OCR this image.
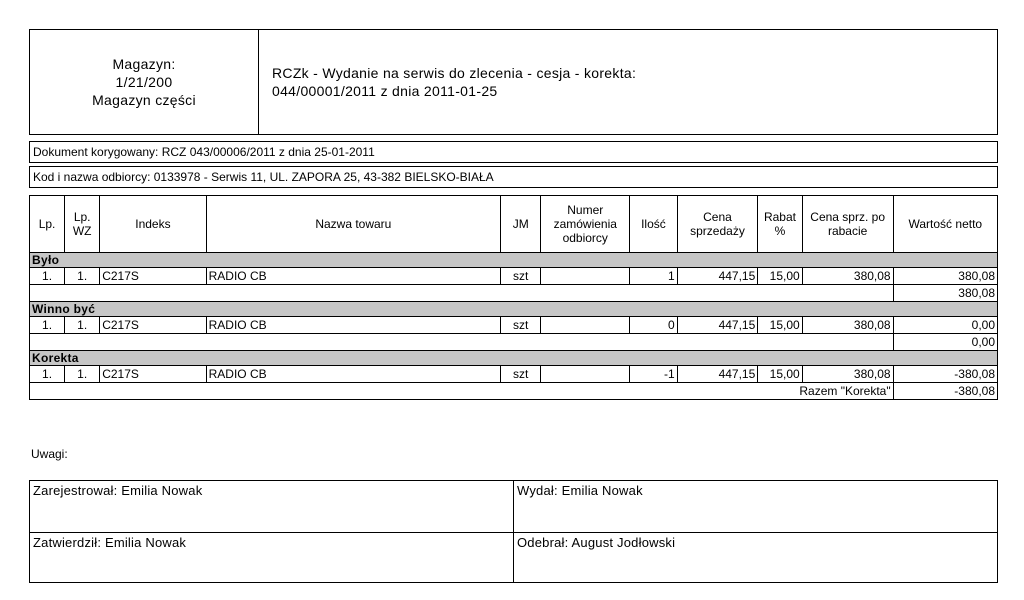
Magazyn:
1/21/200
Magazyn części
RCZk - Wydanie na serwis do zlecenia - cesja - korekta:
044/00001/2011 z dnia 2011-01-25
Dokument korygowany: RCZ 043/00006/2011 z dnia 25-01-2011
Kod i nazwa odbiorcy: 0133978 - Serwis 11, UL. ZAPORA 25, 43-382 BIELSKO-BIAŁA
Lp.	Lp. WZ	Indeks	Nazwa towaru	JM	Numer zamówienia odbiorcy	Ilość	Cena sprzedaży	Rabat %	Cena sprz. po rabacie	Wartość netto
Było										
1.	1.	C217S	RADIO CB	szt		1	447,15	15,00	380,08	380,08
										380,08
Winno być										
1.	1.	C217S	RADIO CB	szt		0	447,15	15,00	380,08	0,00
										0,00
Korekta										
1.	1.	C217S	RADIO CB	szt		-1	447,15	15,00	380,08	-380,08
Razem "Korekta"										-380,08
Uwagi:
Zarejestrował: Emilia Nowak	Wydał: Emilia Nowak
Zatwierdził: Emilia Nowak	Odebrał: August Jodłowski
